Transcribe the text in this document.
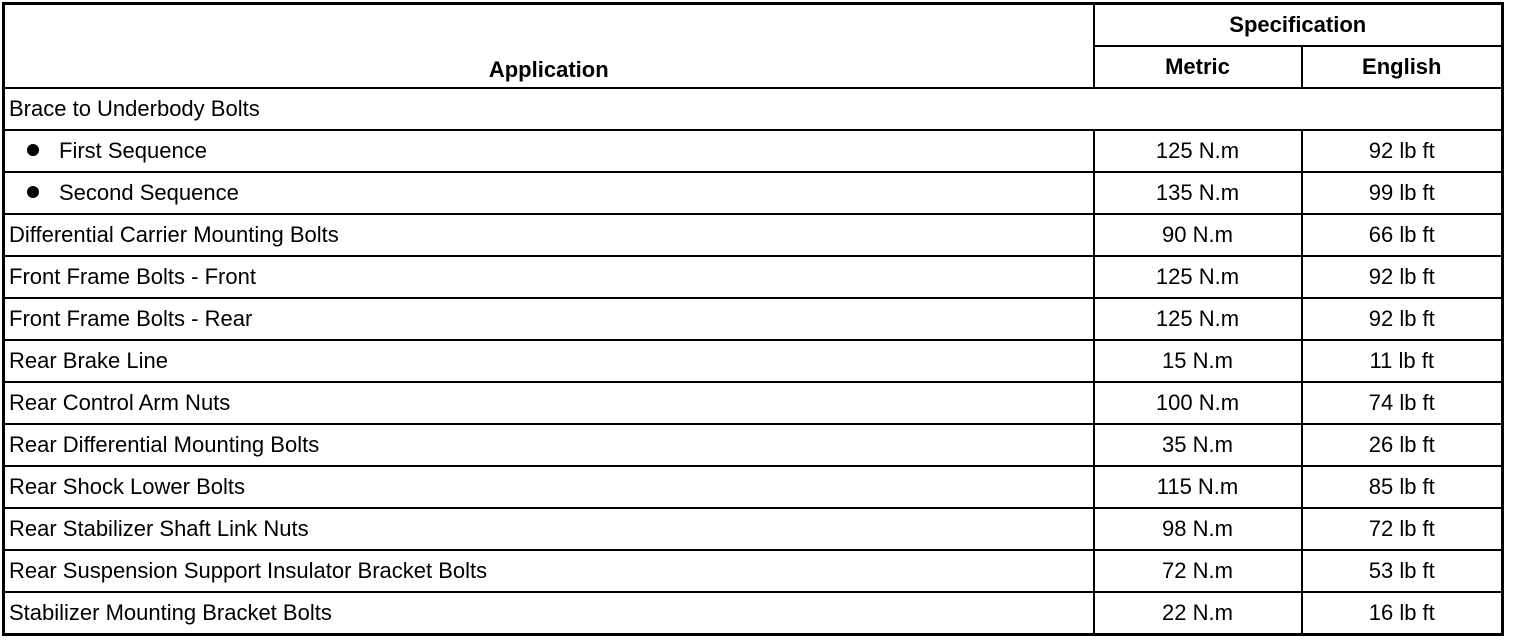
Application	Specification	
	Metric	English
Brace to Underbody Bolts		
First Sequence	125 N.m	92 lb ft
Second Sequence	135 N.m	99 lb ft
Differential Carrier Mounting Bolts	90 N.m	66 lb ft
Front Frame Bolts - Front	125 N.m	92 lb ft
Front Frame Bolts - Rear	125 N.m	92 lb ft
Rear Brake Line	15 N.m	11 lb ft
Rear Control Arm Nuts	100 N.m	74 lb ft
Rear Differential Mounting Bolts	35 N.m	26 lb ft
Rear Shock Lower Bolts	115 N.m	85 lb ft
Rear Stabilizer Shaft Link Nuts	98 N.m	72 lb ft
Rear Suspension Support Insulator Bracket Bolts	72 N.m	53 lb ft
Stabilizer Mounting Bracket Bolts	22 N.m	16 lb ft
